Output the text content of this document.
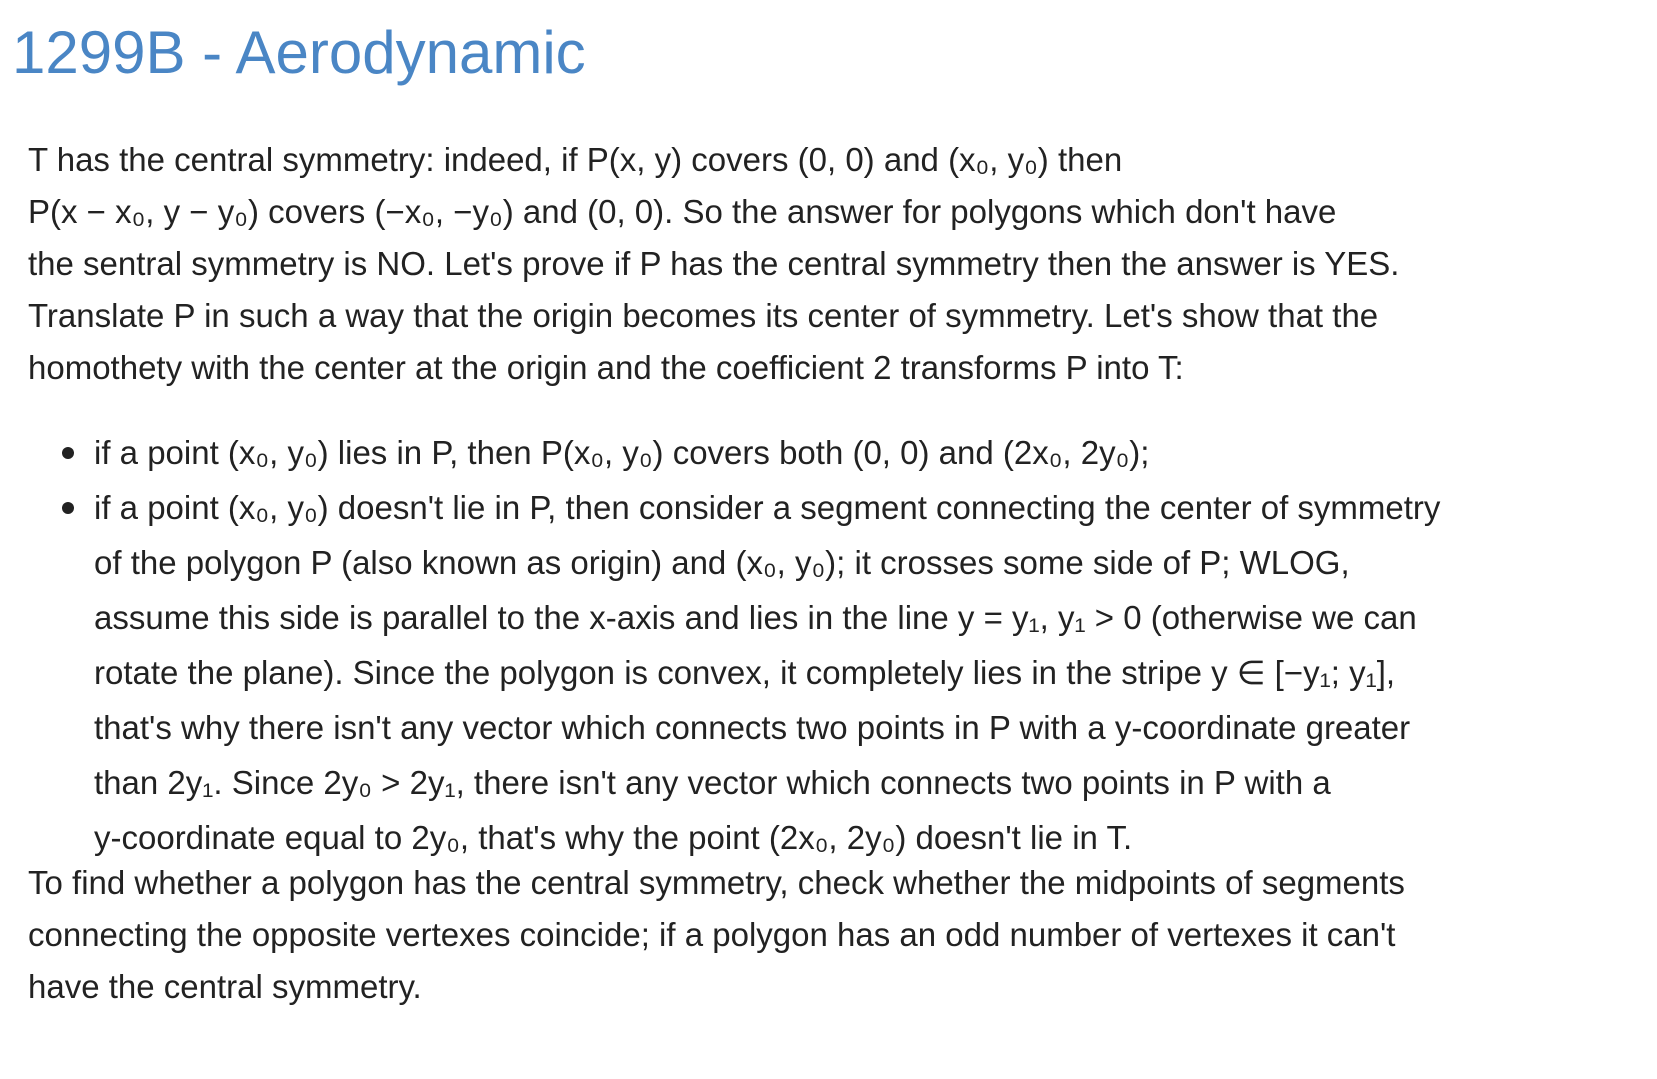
1299B - Aerodynamic
T has the central symmetry: indeed, if P(x, y) covers (0, 0) and (x₀, y₀) then
P(x − x₀, y − y₀) covers (−x₀, −y₀) and (0, 0). So the answer for polygons which don't have
the sentral symmetry is NO. Let's prove if P has the central symmetry then the answer is YES.
Translate P in such a way that the origin becomes its center of symmetry. Let's show that the
homothety with the center at the origin and the coefficient 2 transforms P into T:
if a point (x₀, y₀) lies in P, then P(x₀, y₀) covers both (0, 0) and (2x₀, 2y₀);
if a point (x₀, y₀) doesn't lie in P, then consider a segment connecting the center of symmetry
of the polygon P (also known as origin) and (x₀, y₀); it crosses some side of P; WLOG,
assume this side is parallel to the x-axis and lies in the line y = y₁, y₁ > 0 (otherwise we can
rotate the plane). Since the polygon is convex, it completely lies in the stripe y ∈ [−y₁; y₁],
that's why there isn't any vector which connects two points in P with a y-coordinate greater
than 2y₁. Since 2y₀ > 2y₁, there isn't any vector which connects two points in P with a
y-coordinate equal to 2y₀, that's why the point (2x₀, 2y₀) doesn't lie in T.
To find whether a polygon has the central symmetry, check whether the midpoints of segments
connecting the opposite vertexes coincide; if a polygon has an odd number of vertexes it can't
have the central symmetry.
